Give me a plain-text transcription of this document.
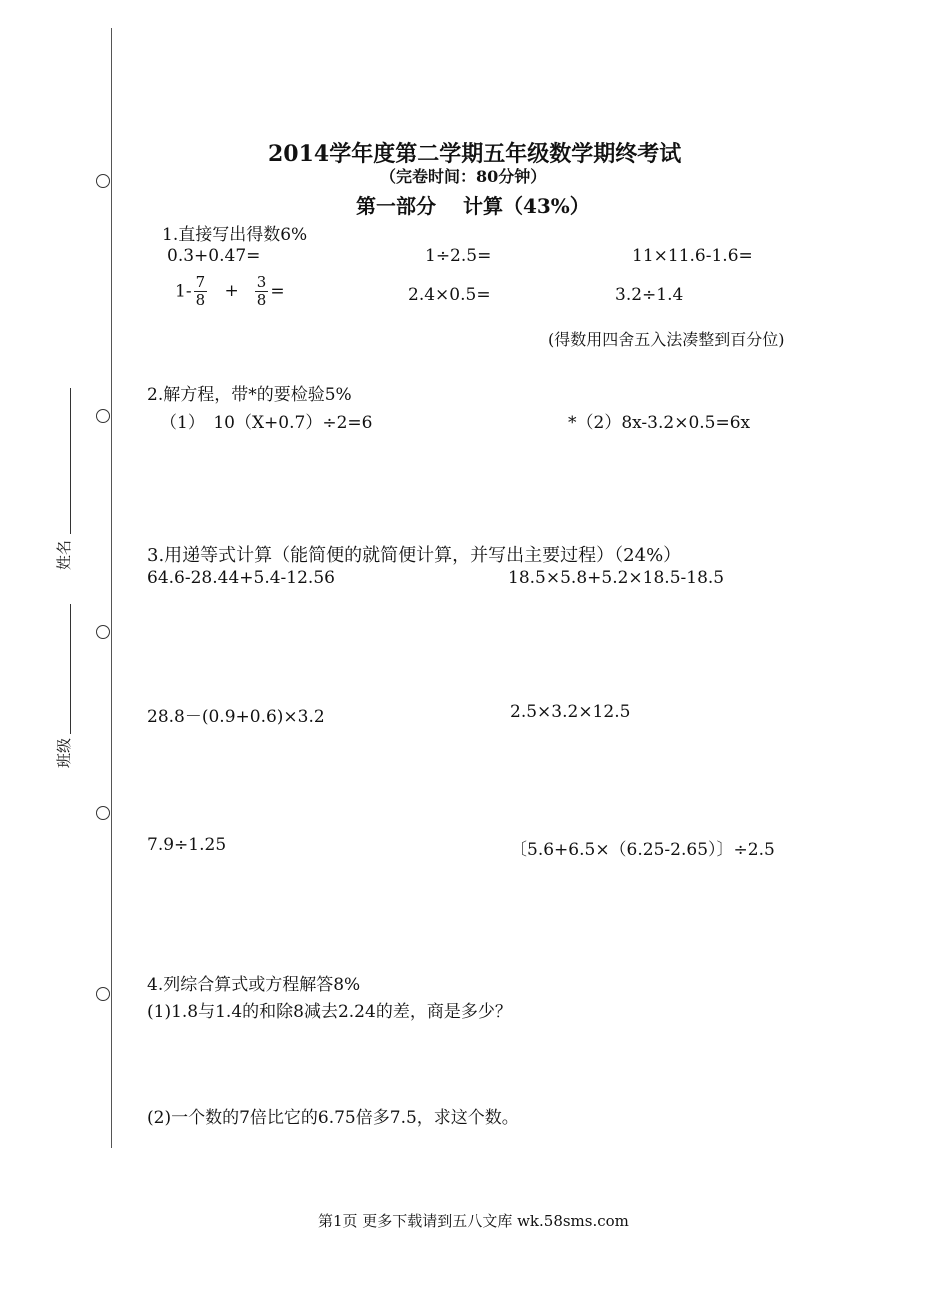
姓名
班级
2014学年度第二学期五年级数学期终考试
（完卷时间：80分钟）
第一部分　 计算（43%）
1.直接写出得数6%
0.3+0.47=	1÷2.5=	11×11.6-1.6=
$1- \frac{7}{8} + \frac{3}{8}$ =	2.4×0.5=	3.2÷1.4
(得数用四舍五入法凑整到百分位)
2.解方程，带*的要检验5%
（1）　10（X+0.7）÷2=6	*（2）8x-3.2×0.5=6x
3.用递等式计算（能简便的就简便计算，并写出主要过程）（24%）
64.6-28.44+5.4-12.56	18.5×5.8+5.2×18.5-18.5
28.8－(0.9+0.6)×3.2	2.5×3.2×12.5
7.9÷1.25	〔5.6+6.5×（6.25-2.65）〕÷2.5
4.列综合算式或方程解答8%
(1)1.8与1.4的和除8减去2.24的差，商是多少？
(2)一个数的7倍比它的6.75倍多7.5，求这个数。
第1页 更多下载请到五八文库 wk.58sms.com
